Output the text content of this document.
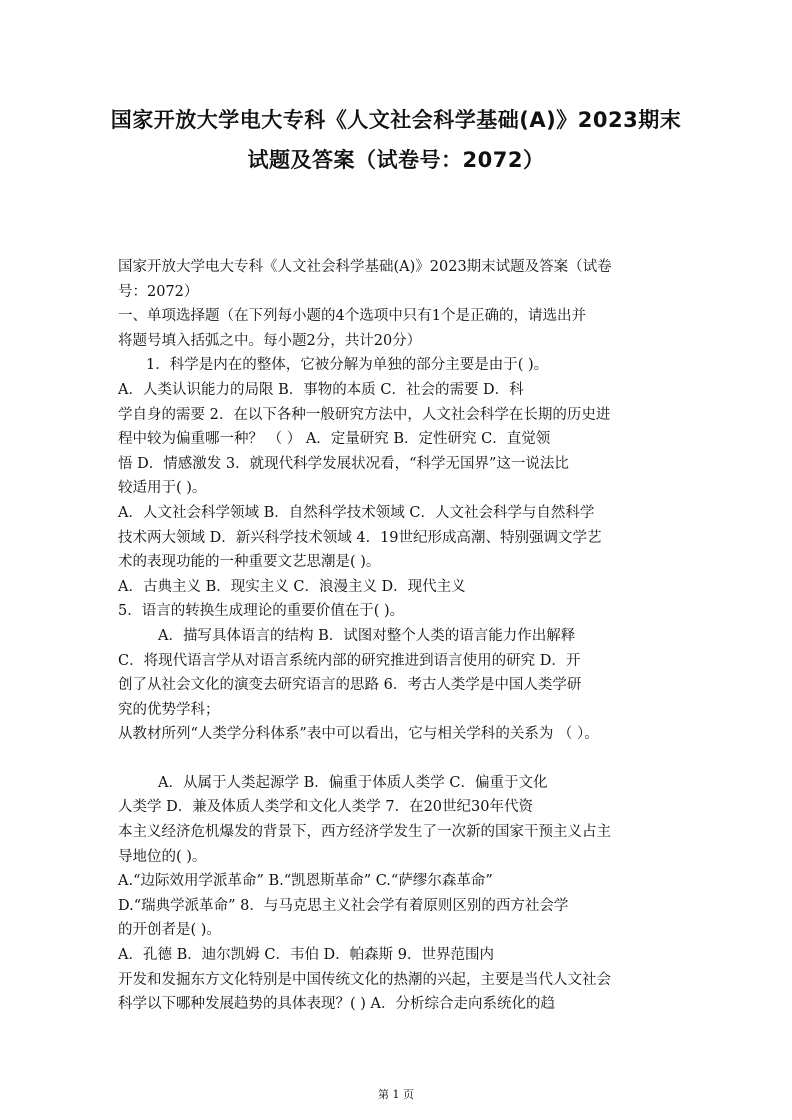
国家开放大学电大专科《人文社会科学基础(A)》2023期末
试题及答案（试卷号：2072）

国家开放大学电大专科《人文社会科学基础(A)》2023期末试题及答案（试卷

号：2072）

一、单项选择题（在下列每小题的4个选项中只有1个是正确的，请选出并

将题号填入括弧之中。每小题2分，共计20分）

1．科学是内在的整体，它被分解为单独的部分主要是由于( )。

A．人类认识能力的局限 B．事物的本质 C．社会的需要 D．科

学自身的需要 2．在以下各种一般研究方法中，人文社会科学在长期的历史进

程中较为偏重哪一种？ （ ） A．定量研究 B．定性研究 C．直觉领

悟 D．情感激发 3．就现代科学发展状况看，“科学无国界”这一说法比

较适用于( )。

A．人文社会科学领域 B．自然科学技术领域 C．人文社会科学与自然科学

技术两大领域 D．新兴科学技术领域 4．19世纪形成高潮、特别强调文学艺

术的表现功能的一种重要文艺思潮是( )。

A．古典主义 B．现实主义 C．浪漫主义 D．现代主义

5．语言的转换生成理论的重要价值在于( )。

A．描写具体语言的结构 B．试图对整个人类的语言能力作出解释

C．将现代语言学从对语言系统内部的研究推进到语言使用的研究 D．开

创了从社会文化的演变去研究语言的思路 6．考古人类学是中国人类学研

究的优势学科；

从教材所列“人类学分科体系”表中可以看出，它与相关学科的关系为 （ ）。

A．从属于人类起源学 B．偏重于体质人类学 C．偏重于文化

人类学 D．兼及体质人类学和文化人类学 7．在20世纪30年代资

本主义经济危机爆发的背景下，西方经济学发生了一次新的国家干预主义占主

导地位的( )。

A.“边际效用学派革命” B.“凯恩斯革命” C.“萨缪尔森革命”

D.“瑞典学派革命” 8．与马克思主义社会学有着原则区别的西方社会学

的开创者是( )。

A．孔德 B．迪尔凯姆 C．韦伯 D．帕森斯 9．世界范围内

开发和发掘东方文化特别是中国传统文化的热潮的兴起，主要是当代人文社会

科学以下哪种发展趋势的具体表现？( ) A．分析综合走向系统化的趋

第 1 页
